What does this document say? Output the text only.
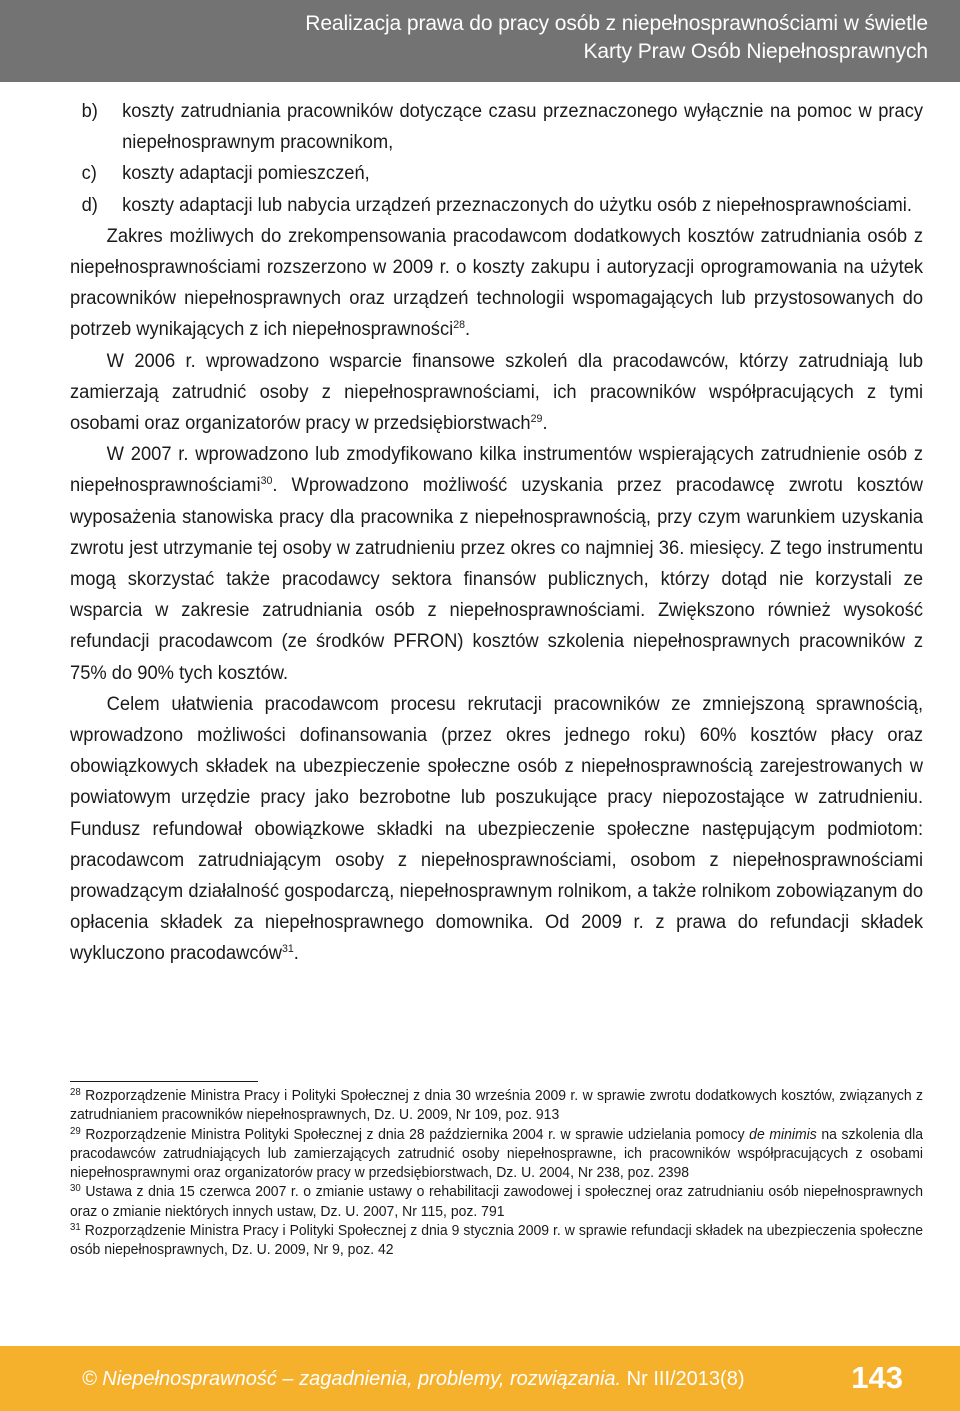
Realizacja prawa do pracy osób z niepełnosprawnościami w świetle
Karty Praw Osób Niepełnosprawnych
b) koszty zatrudniania pracowników dotyczące czasu przeznaczonego wyłącznie na pomoc w pracy niepełnosprawnym pracownikom,
c) koszty adaptacji pomieszczeń,
d) koszty adaptacji lub nabycia urządzeń przeznaczonych do użytku osób z niepełnosprawnościami.

Zakres możliwych do zrekompensowania pracodawcom dodatkowych kosztów zatrudniania osób z niepełnosprawnościami rozszerzono w 2009 r. o koszty zakupu i autoryzacji oprogramowania na użytek pracowników niepełnosprawnych oraz urządzeń technologii wspomagających lub przystosowanych do potrzeb wynikających z ich niepełnosprawności$^{28}$.

W 2006 r. wprowadzono wsparcie finansowe szkoleń dla pracodawców, którzy zatrudniają lub zamierzają zatrudnić osoby z niepełnosprawnościami, ich pracowników współpracujących z tymi osobami oraz organizatorów pracy w przedsiębiorstwach$^{29}$.

W 2007 r. wprowadzono lub zmodyfikowano kilka instrumentów wspierających zatrudnienie osób z niepełnosprawnościami$^{30}$. Wprowadzono możliwość uzyskania przez pracodawcę zwrotu kosztów wyposażenia stanowiska pracy dla pracownika z niepełnosprawnością, przy czym warunkiem uzyskania zwrotu jest utrzymanie tej osoby w zatrudnieniu przez okres co najmniej 36. miesięcy. Z tego instrumentu mogą skorzystać także pracodawcy sektora finansów publicznych, którzy dotąd nie korzystali ze wsparcia w zakresie zatrudniania osób z niepełnosprawnościami. Zwiększono również wysokość refundacji pracodawcom (ze środków PFRON) kosztów szkolenia niepełnosprawnych pracowników z 75% do 90% tych kosztów.

Celem ułatwienia pracodawcom procesu rekrutacji pracowników ze zmniejszoną sprawnością, wprowadzono możliwości dofinansowania (przez okres jednego roku) 60% kosztów płacy oraz obowiązkowych składek na ubezpieczenie społeczne osób z niepełnosprawnością zarejestrowanych w powiatowym urzędzie pracy jako bezrobotne lub poszukujące pracy niepozostające w zatrudnieniu. Fundusz refundował obowiązkowe składki na ubezpieczenie społeczne następującym podmiotom: pracodawcom zatrudniającym osoby z niepełnosprawnościami, osobom z niepełnosprawnościami prowadzącym działalność gospodarczą, niepełnosprawnym rolnikom, a także rolnikom zobowiązanym do opłacenia składek za niepełnosprawnego domownika. Od 2009 r. z prawa do refundacji składek wykluczono pracodawców$^{31}$.

$^{28}$ Rozporządzenie Ministra Pracy i Polityki Społecznej z dnia 30 września 2009 r. w sprawie zwrotu dodatkowych kosztów, związanych z zatrudnianiem pracowników niepełnosprawnych, Dz. U. 2009, Nr 109, poz. 913
$^{29}$ Rozporządzenie Ministra Polityki Społecznej z dnia 28 października 2004 r. w sprawie udzielania pomocy de minimis na szkolenia dla pracodawców zatrudniających lub zamierzających zatrudnić osoby niepełnosprawne, ich pracowników współpracujących z osobami niepełnosprawnymi oraz organizatorów pracy w przedsiębiorstwach, Dz. U. 2004, Nr 238, poz. 2398
$^{30}$ Ustawa z dnia 15 czerwca 2007 r. o zmianie ustawy o rehabilitacji zawodowej i społecznej oraz zatrudnianiu osób niepełnosprawnych oraz o zmianie niektórych innych ustaw, Dz. U. 2007, Nr 115, poz. 791
$^{31}$ Rozporządzenie Ministra Pracy i Polityki Społecznej z dnia 9 stycznia 2009 r. w sprawie refundacji składek na ubezpieczenia społeczne osób niepełnosprawnych, Dz. U. 2009, Nr 9, poz. 42
© Niepełnosprawność – zagadnienia, problemy, rozwiązania. Nr III/2013(8)	143
